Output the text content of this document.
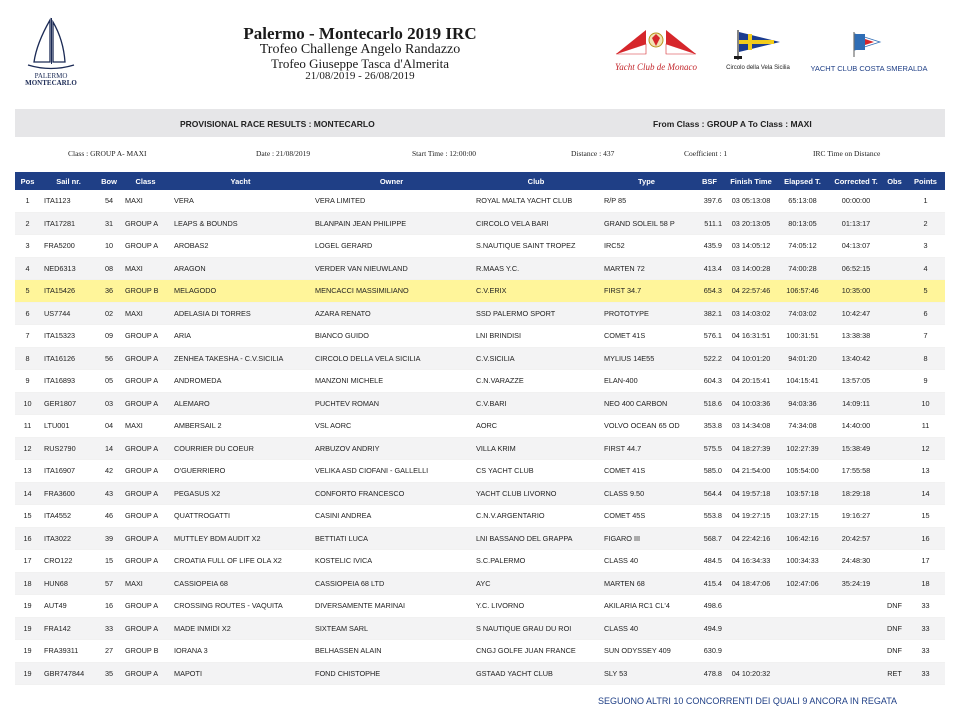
PALERMO
MONTECARLO
Palermo - Montecarlo 2019 IRC
Trofeo Challenge Angelo Randazzo
Trofeo Giuseppe Tasca d'Almerita
21/08/2019 - 26/08/2019
Yacht Club de Monaco	Circolo della Vela Sicilia	YACHT CLUB COSTA SMERALDA
PROVISIONAL RACE RESULTS : MONTECARLO	From Class : GROUP A To Class : MAXI
Class : GROUP A- MAXI	Date : 21/08/2019	Start Time : 12:00:00	Distance : 437	Coefficient : 1	IRC Time on Distance
Pos	Sail nr.	Bow	Class	Yacht	Owner	Club	Type	BSF	Finish Time	Elapsed T.	Corrected T.	Obs	Points
1	ITA1123	54	MAXI	VERA	VERA LIMITED	ROYAL MALTA YACHT CLUB	R/P 85	397.6	03 05:13:08	65:13:08	00:00:00		1
2	ITA17281	31	GROUP A	LEAPS & BOUNDS	BLANPAIN JEAN PHILIPPE	CIRCOLO VELA BARI	GRAND SOLEIL 58 P	511.1	03 20:13:05	80:13:05	01:13:17		2
3	FRA5200	10	GROUP A	AROBAS2	LOGEL GERARD	S.NAUTIQUE SAINT TROPEZ	IRC52	435.9	03 14:05:12	74:05:12	04:13:07		3
4	NED6313	08	MAXI	ARAGON	VERDER VAN NIEUWLAND	R.MAAS Y.C.	MARTEN 72	413.4	03 14:00:28	74:00:28	06:52:15		4
5	ITA15426	36	GROUP B	MELAGODO	MENCACCI MASSIMILIANO	C.V.ERIX	FIRST 34.7	654.3	04 22:57:46	106:57:46	10:35:00		5
6	US7744	02	MAXI	ADELASIA DI TORRES	AZARA RENATO	SSD PALERMO SPORT	PROTOTYPE	382.1	03 14:03:02	74:03:02	10:42:47		6
7	ITA15323	09	GROUP A	ARIA	BIANCO GUIDO	LNI BRINDISI	COMET 41S	576.1	04 16:31:51	100:31:51	13:38:38		7
8	ITA16126	56	GROUP A	ZENHEA TAKESHA - C.V.SICILIA	CIRCOLO DELLA VELA SICILIA	C.V.SICILIA	MYLIUS 14E55	522.2	04 10:01:20	94:01:20	13:40:42		8
9	ITA16893	05	GROUP A	ANDROMEDA	MANZONI MICHELE	C.N.VARAZZE	ELAN-400	604.3	04 20:15:41	104:15:41	13:57:05		9
10	GER1807	03	GROUP A	ALEMARO	PUCHTEV ROMAN	C.V.BARI	NEO 400 CARBON	518.6	04 10:03:36	94:03:36	14:09:11		10
11	LTU001	04	MAXI	AMBERSAIL 2	VSL AORC	AORC	VOLVO OCEAN 65 OD	353.8	03 14:34:08	74:34:08	14:40:00		11
12	RUS2790	14	GROUP A	COURRIER DU COEUR	ARBUZOV ANDRIY	VILLA KRIM	FIRST 44.7	575.5	04 18:27:39	102:27:39	15:38:49		12
13	ITA16907	42	GROUP A	O'GUERRIERO	VELIKA ASD CIOFANI - GALLELLI	CS YACHT CLUB	COMET 41S	585.0	04 21:54:00	105:54:00	17:55:58		13
14	FRA3600	43	GROUP A	PEGASUS X2	CONFORTO FRANCESCO	YACHT CLUB LIVORNO	CLASS 9.50	564.4	04 19:57:18	103:57:18	18:29:18		14
15	ITA4552	46	GROUP A	QUATTROGATTI	CASINI ANDREA	C.N.V.ARGENTARIO	COMET 45S	553.8	04 19:27:15	103:27:15	19:16:27		15
16	ITA3022	39	GROUP A	MUTTLEY BDM AUDIT X2	BETTIATI LUCA	LNI BASSANO DEL GRAPPA	FIGARO III	568.7	04 22:42:16	106:42:16	20:42:57		16
17	CRO122	15	GROUP A	CROATIA FULL OF LIFE OLA X2	KOSTELIC IVICA	S.C.PALERMO	CLASS 40	484.5	04 16:34:33	100:34:33	24:48:30		17
18	HUN68	57	MAXI	CASSIOPEIA 68	CASSIOPEIA 68 LTD	AYC	MARTEN 68	415.4	04 18:47:06	102:47:06	35:24:19		18
19	AUT49	16	GROUP A	CROSSING ROUTES - VAQUITA	DIVERSAMENTE MARINAI	Y.C. LIVORNO	AKILARIA RC1 CL'4	498.6				DNF	33
19	FRA142	33	GROUP A	MADE INMIDI X2	SIXTEAM SARL	S NAUTIQUE GRAU DU ROI	CLASS 40	494.9				DNF	33
19	FRA39311	27	GROUP B	IORANA 3	BELHASSEN ALAIN	CNGJ GOLFE JUAN FRANCE	SUN ODYSSEY 409	630.9				DNF	33
19	GBR747844	35	GROUP A	MAPOTI	FOND CHISTOPHE	GSTAAD YACHT CLUB	SLY 53	478.8	04 10:20:32			RET	33
SEGUONO ALTRI 10 CONCORRENTI DEI QUALI 9 ANCORA IN REGATA
